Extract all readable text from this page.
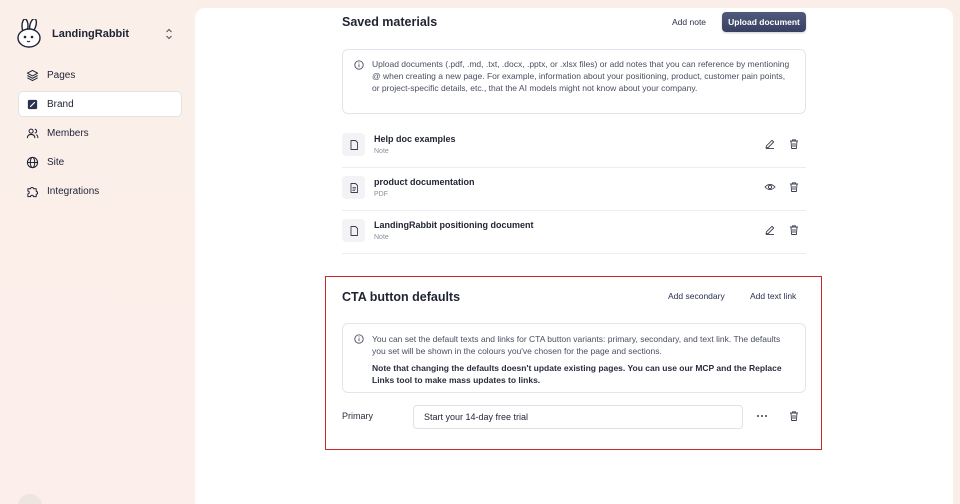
LandingRabbit
Pages
Brand
Members
Site
Integrations
Saved materials	Add note	Upload document
Upload documents (.pdf, .md, .txt, .docx, .pptx, or .xlsx files) or add notes that you can reference by mentioning @ when creating a new page. For example, information about your positioning, product, customer pain points, or project-specific details, etc., that the AI models might not know about your company.
Help doc examples
Note
product documentation
PDF
LandingRabbit positioning document
Note
CTA button defaults	Add secondary	Add text link
You can set the default texts and links for CTA button variants: primary, secondary, and text link. The defaults you set will be shown in the colours you've chosen for the page and sections.
Note that changing the defaults doesn't update existing pages. You can use our MCP and the Replace Links tool to make mass updates to links.
Primary	Start your 14-day free trial
